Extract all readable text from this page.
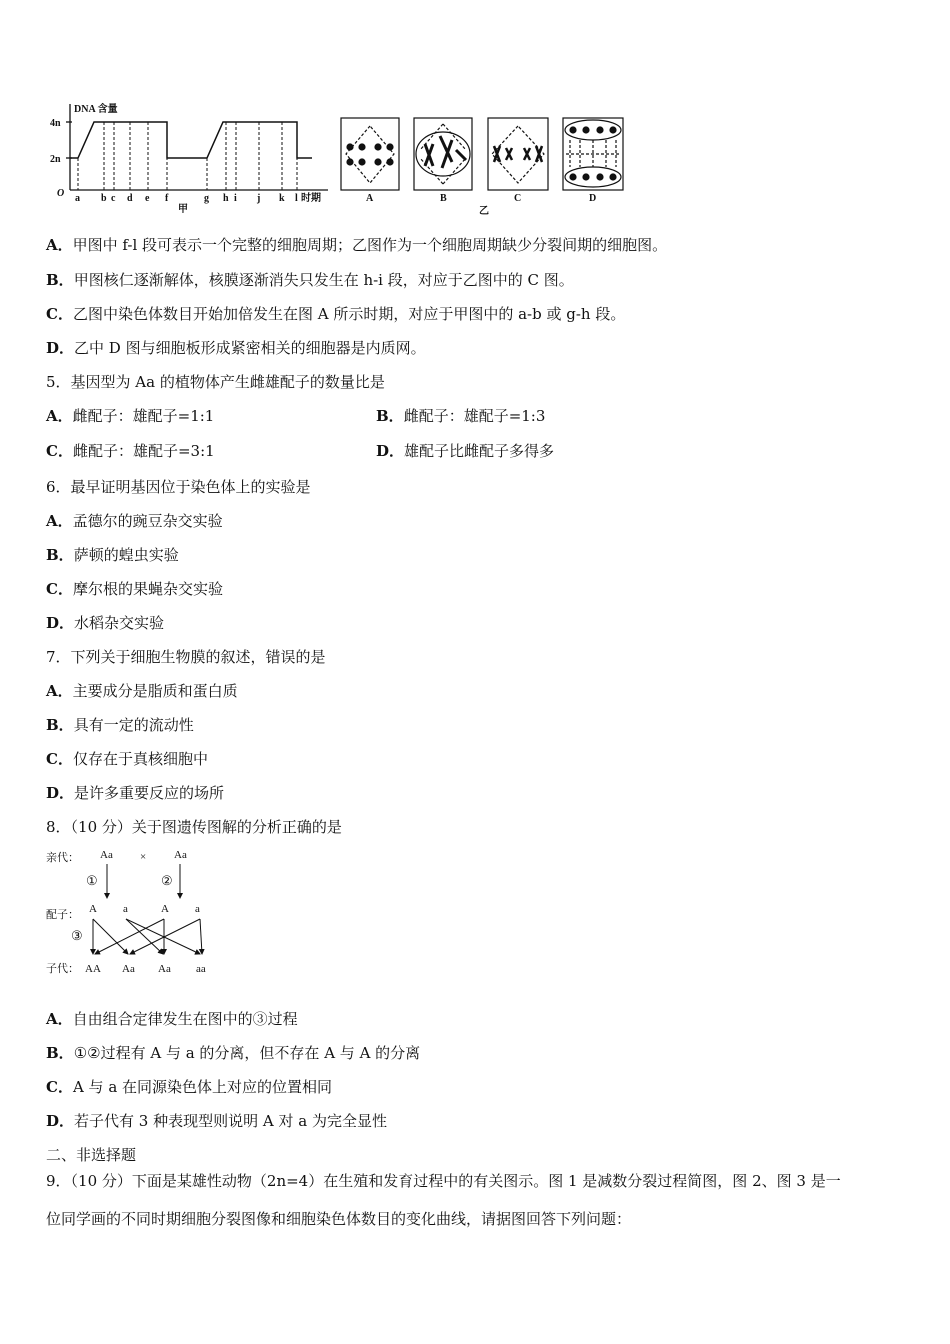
DNA 含量
4n
2n
O a b c d e f	g h i j k l 时期
甲
A	B	C	D
乙
A．甲图中 f-l 段可表示一个完整的细胞周期；乙图作为一个细胞周期缺少分裂间期的细胞图。
B．甲图核仁逐渐解体，核膜逐渐消失只发生在 h-i 段，对应于乙图中的 C 图。
C．乙图中染色体数目开始加倍发生在图 A 所示时期，对应于甲图中的 a-b 或 g-h 段。
D．乙中 D 图与细胞板形成紧密相关的细胞器是内质网。
5．基因型为 Aa 的植物体产生雌雄配子的数量比是
A．雌配子：雄配子=1:1	B．雌配子：雄配子=1:3
C．雌配子：雄配子=3:1	D．雄配子比雌配子多得多
6．最早证明基因位于染色体上的实验是
A．孟德尔的豌豆杂交实验
B．萨顿的蝗虫实验
C．摩尔根的果蝇杂交实验
D．水稻杂交实验
7．下列关于细胞生物膜的叙述，错误的是
A．主要成分是脂质和蛋白质
B．具有一定的流动性
C．仅存在于真核细胞中
D．是许多重要反应的场所
8．（10 分）关于图遗传图解的分析正确的是
亲代： Aa ×	Aa
①	②
配子： A a	A a
③
子代： AA Aa Aa aa
A．自由组合定律发生在图中的③过程
B．①②过程有 A 与 a 的分离，但不存在 A 与 A 的分离
C．A 与 a 在同源染色体上对应的位置相同
D．若子代有 3 种表现型则说明 A 对 a 为完全显性
二、非选择题
9．（10 分）下面是某雄性动物（2n=4）在生殖和发育过程中的有关图示。图 1 是减数分裂过程简图，图 2、图 3 是一
位同学画的不同时期细胞分裂图像和细胞染色体数目的变化曲线，请据图回答下列问题：
